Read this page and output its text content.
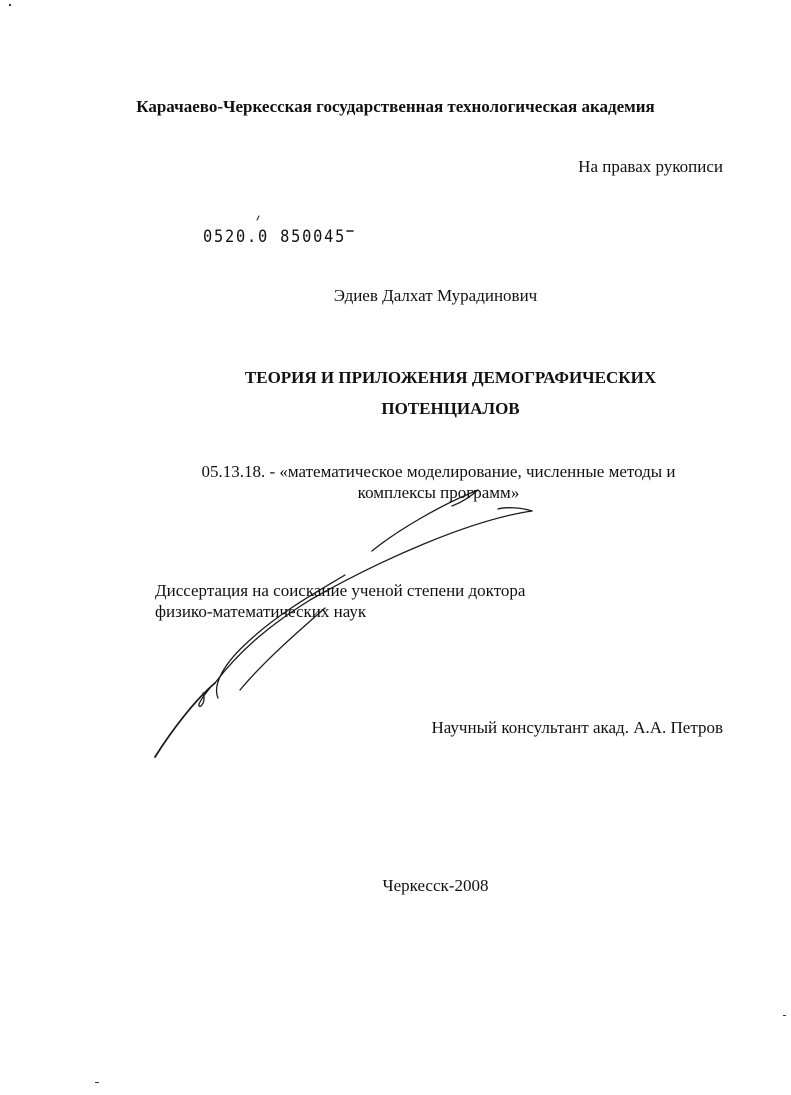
Карачаево-Черкесская государственная технологическая академия
На правах рукописи
0520.0 850045
Эдиев Далхат Мурадинович
ТЕОРИЯ И ПРИЛОЖЕНИЯ ДЕМОГРАФИЧЕСКИХ
ПОТЕНЦИАЛОВ
05.13.18. - «математическое моделирование, численные методы и
комплексы программ»
Диссертация на соискание ученой степени доктора
физико-математических наук
Научный консультант акад. А.А. Петров
Черкесск-2008
